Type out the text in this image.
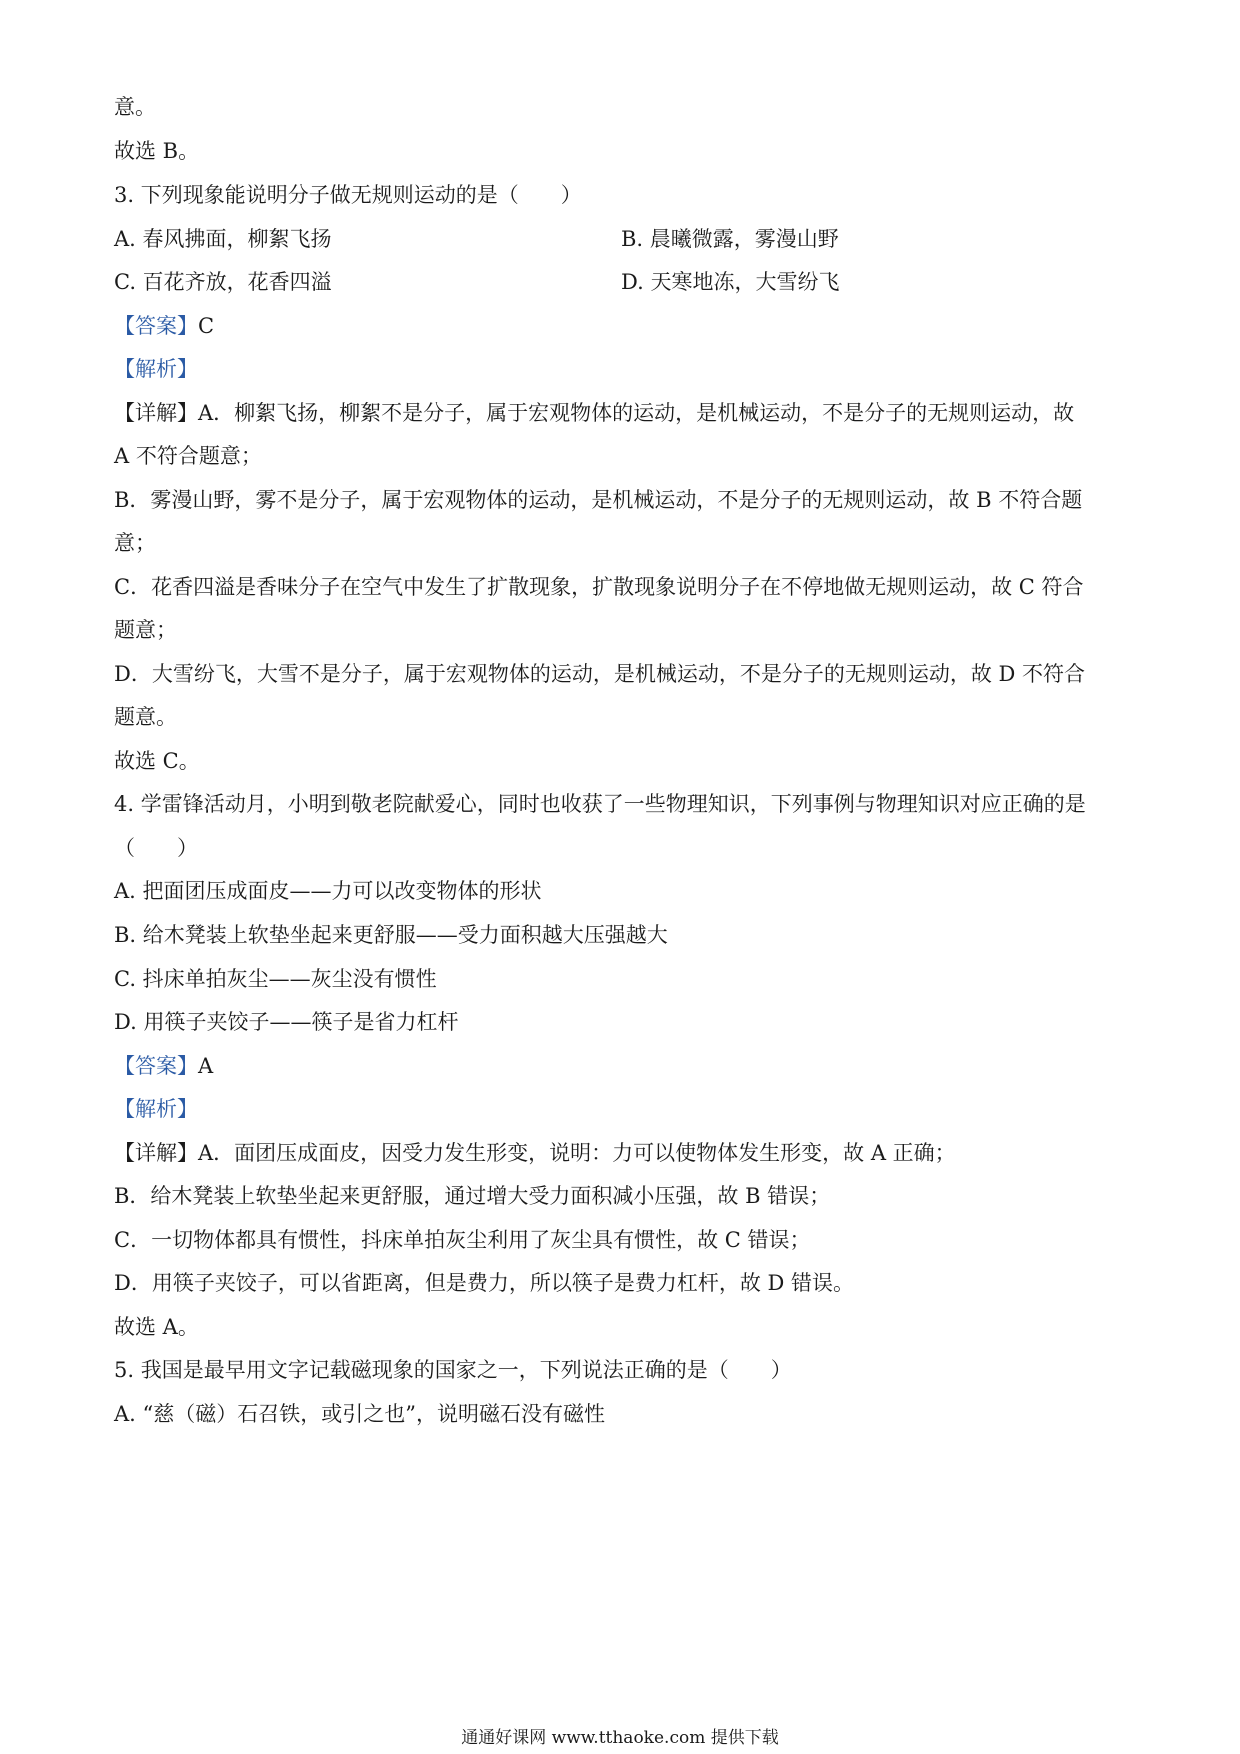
意。
故选 B。
3. 下列现象能说明分子做无规则运动的是（　　）
A. 春风拂面，柳絮飞扬	B. 晨曦微露，雾漫山野
C. 百花齐放，花香四溢	D. 天寒地冻，大雪纷飞
【答案】C
【解析】
【详解】A．柳絮飞扬，柳絮不是分子，属于宏观物体的运动，是机械运动，不是分子的无规则运动，故
A 不符合题意；
B．雾漫山野，雾不是分子，属于宏观物体的运动，是机械运动，不是分子的无规则运动，故 B 不符合题
意；
C．花香四溢是香味分子在空气中发生了扩散现象，扩散现象说明分子在不停地做无规则运动，故 C 符合
题意；
D．大雪纷飞，大雪不是分子，属于宏观物体的运动，是机械运动，不是分子的无规则运动，故 D 不符合
题意。
故选 C。
4. 学雷锋活动月，小明到敬老院献爱心，同时也收获了一些物理知识，下列事例与物理知识对应正确的是
（　　）
A. 把面团压成面皮——力可以改变物体的形状
B. 给木凳装上软垫坐起来更舒服——受力面积越大压强越大
C. 抖床单拍灰尘——灰尘没有惯性
D. 用筷子夹饺子——筷子是省力杠杆
【答案】A
【解析】
【详解】A．面团压成面皮，因受力发生形变，说明：力可以使物体发生形变，故 A 正确；
B．给木凳装上软垫坐起来更舒服，通过增大受力面积减小压强，故 B 错误；
C．一切物体都具有惯性，抖床单拍灰尘利用了灰尘具有惯性，故 C 错误；
D．用筷子夹饺子，可以省距离，但是费力，所以筷子是费力杠杆，故 D 错误。
故选 A。
5. 我国是最早用文字记载磁现象的国家之一，下列说法正确的是（　　）
A. “慈（磁）石召铁，或引之也”，说明磁石没有磁性
通通好课网 www.tthaoke.com 提供下载
